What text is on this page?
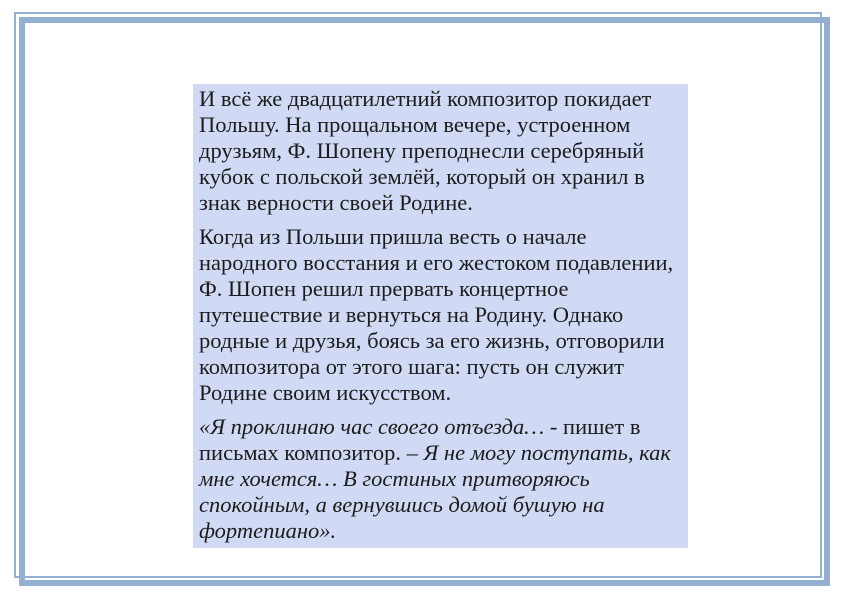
И всё же двадцатилетний композитор покидает Польшу. На прощальном вечере, устроенном друзьям, Ф. Шопену преподнесли серебряный кубок с польской землёй, который он хранил в знак верности своей Родине.

Когда из Польши пришла весть о начале народного восстания и его жестоком подавлении, Ф. Шопен решил прервать концертное путешествие и вернуться на Родину. Однако родные и друзья, боясь за его жизнь, отговорили композитора от этого шага: пусть он служит Родине своим искусством.

«Я проклинаю час своего отъезда… - пишет в письмах композитор. – Я не могу поступать, как мне хочется… В гостиных притворяюсь спокойным, а вернувшись домой бушую на фортепиано».
